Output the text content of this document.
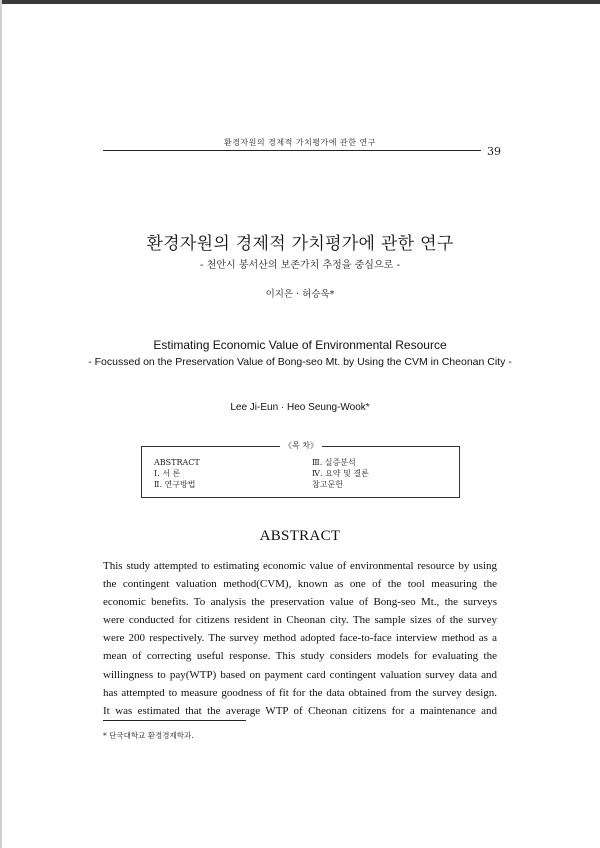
환경자원의 경제적 가치평가에 관한 연구
39
환경자원의 경제적 가치평가에 관한 연구
- 천안시 봉서산의 보존가치 추정을 중심으로 -
이지은 · 허승욱*
Estimating Economic Value of Environmental Resource
- Focussed on the Preservation Value of Bong-seo Mt. by Using the CVM in Cheonan City -
Lee Ji-Eun · Heo Seung-Wook*
《목 차》
ABSTRACT
Ⅰ. 서 론
Ⅱ. 연구방법
Ⅲ. 실증분석
Ⅳ. 요약 및 결론
참고문헌
ABSTRACT
This study attempted to estimating economic value of environmental resource by using
the contingent valuation method(CVM), known as one of the tool measuring the
economic benefits. To analysis the preservation value of Bong-seo Mt., the surveys
were conducted for citizens resident in Cheonan city. The sample sizes of the survey
were 200 respectively. The survey method adopted face-to-face interview method as a
mean of correcting useful response. This study considers models for evaluating the
willingness to pay(WTP) based on payment card contingent valuation survey data and
has attempted to measure goodness of fit for the data obtained from the survey design.
It was estimated that the average WTP of Cheonan citizens for a maintenance and
* 단국대학교 환경경제학과.
